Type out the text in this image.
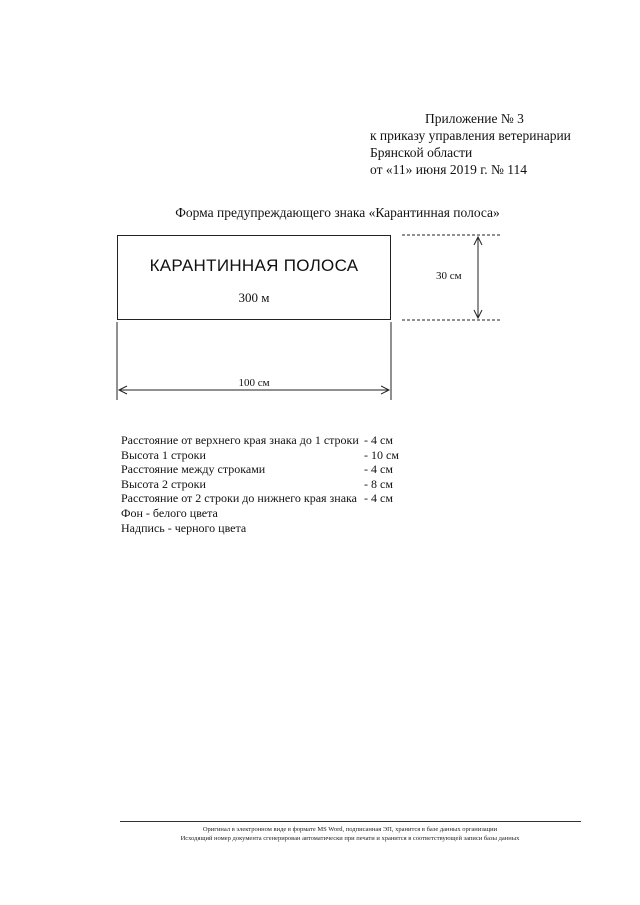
Приложение № 3
к приказу управления ветеринарии
Брянской области
от «11» июня 2019 г. № 114
Форма предупреждающего знака «Карантинная полоса»
КАРАНТИННАЯ ПОЛОСА
300 м
30 см
100 см
Расстояние от верхнего края знака до 1 строки - 4 см
Высота 1 строки	- 10 см
Расстояние между строками	- 4 см
Высота 2 строки	- 8 см
Расстояние от 2 строки до нижнего края знака - 4 см
Фон - белого цвета
Надпись - черного цвета
Оригинал в электронном виде в формате MS Word, подписанная ЭП, хранится в базе данных организации
Исходящий номер документа сгенерирован автоматически при печати и хранится в соответствующей записи базы данных
